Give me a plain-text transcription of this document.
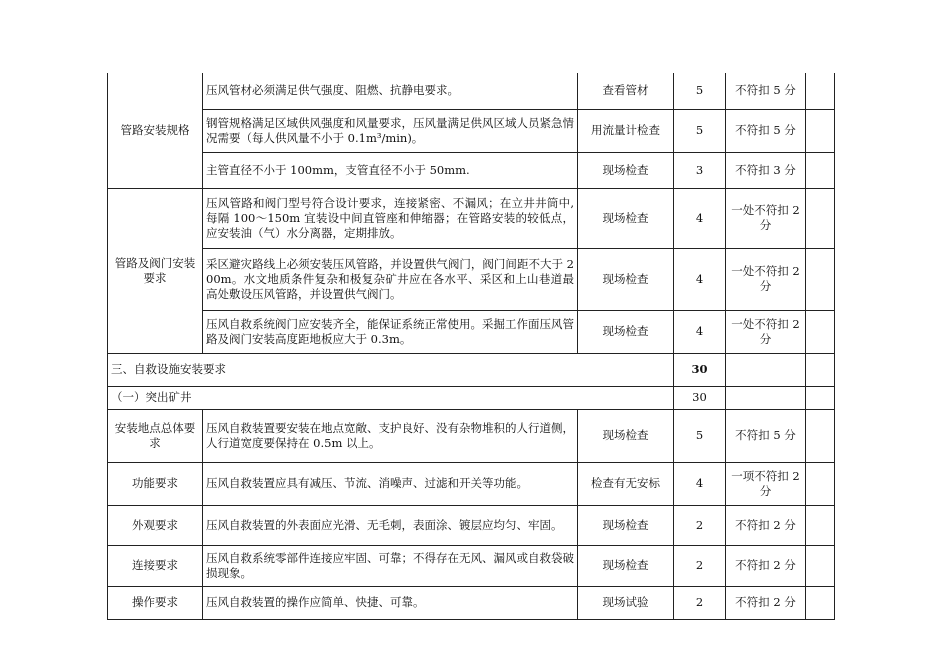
管路安装规格	压风管材必须满足供气强度、阻燃、抗静电要求。	查看管材	5	不符扣 5 分	
	钢管规格满足区域供风强度和风量要求，压风量满足供风区域人员紧急情况需要（每人供风量不小于 0.1m³/min)。	用流量计检查	5	不符扣 5 分	
	主管直径不小于 100mm，支管直径不小于 50mm.	现场检查	3	不符扣 3 分	

管路及阀门安装要求	压风管路和阀门型号符合设计要求，连接紧密、不漏风；在立井井筒中,每隔 100～150m 宜装设中间直管座和伸缩器；在管路安装的较低点，应安装油（气）水分离器，定期排放。	现场检查	4	一处不符扣 2 分	
	采区避灾路线上必须安装压风管路，并设置供气阀门，阀门间距不大于 200m。水文地质条件复杂和极复杂矿井应在各水平、采区和上山巷道最高处敷设压风管路，并设置供气阀门。	现场检查	4	一处不符扣 2 分	
	压风自救系统阀门应安装齐全，能保证系统正常使用。采掘工作面压风管路及阀门安装高度距地板应大于 0.3m。	现场检查	4	一处不符扣 2 分	
三、自救设施安装要求			30		
（一）突出矿井			30		
安装地点总体要求	压风自救装置要安装在地点宽敞、支护良好、没有杂物堆积的人行道侧，人行道宽度要保持在 0.5m 以上。	现场检查	5	不符扣 5 分	
功能要求	压风自救装置应具有减压、节流、消噪声、过滤和开关等功能。	检查有无安标	4	一项不符扣 2 分	
外观要求	压风自救装置的外表面应光滑、无毛刺，表面涂、镀层应均匀、牢固。	现场检查	2	不符扣 2 分	
连接要求	压风自救系统零部件连接应牢固、可靠；不得存在无风、漏风或自救袋破损现象。	现场检查	2	不符扣 2 分	
操作要求	压风自救装置的操作应简单、快捷、可靠。	现场试验	2	不符扣 2 分	
